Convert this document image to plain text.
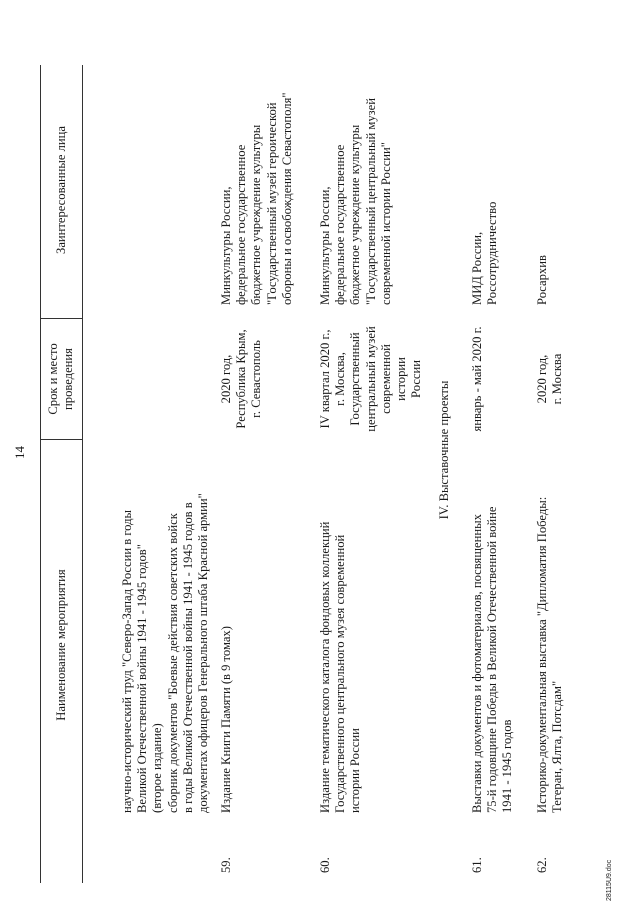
14
Наименование мероприятия
Срок и место
проведения
Заинтересованные лица
научно-исторический труд "Северо-Запад России в годы
Великой Отечественной войны 1941 - 1945 годов"
(второе издание)
сборник документов "Боевые действия советских войск
в годы Великой Отечественной войны 1941 - 1945 годов в
документах офицеров Генерального штаба Красной армии"
59.
Издание Книги Памяти (в 9 томах)
2020 год,
Республика Крым,
г. Севастополь
Минкультуры России,
федеральное государственное
бюджетное учреждение культуры
"Государственный музей героической
обороны и освобождения Севастополя"
60.
Издание тематического каталога фондовых коллекций
Государственного центрального музея современной
истории России
IV квартал 2020 г.,
г. Москва,
Государственный
центральный музей
современной истории
России
Минкультуры России,
федеральное государственное
бюджетное учреждение культуры
"Государственный центральный музей
современной истории России"
IV. Выставочные проекты
61.
Выставки документов и фотоматериалов, посвященных
75-й годовщине Победы в Великой Отечественной войне
1941 - 1945 годов
январь - май 2020 г.
МИД России,
Россотрудничество
62.
Историко-документальная выставка "Дипломатия Победы:
Тегеран, Ялта, Потсдам"
2020 год,
г. Москва
Росархив
28115U9.doc
